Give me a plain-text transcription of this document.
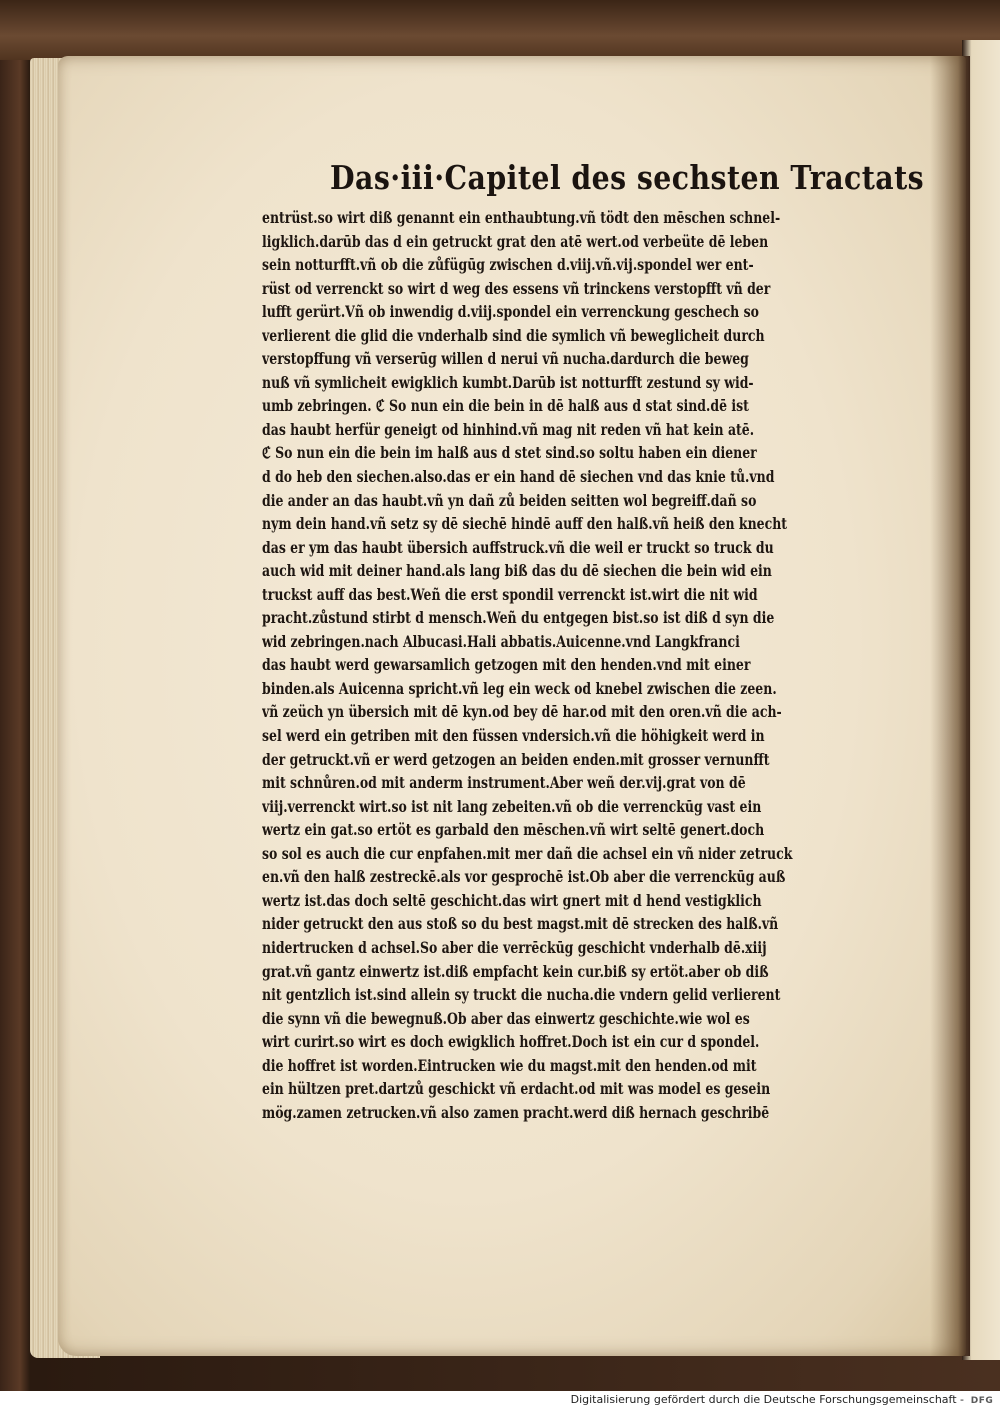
Das·iii·Capitel des sechsten Tractats
entrüst.so wirt diß genannt ein enthaubtung.vñ tödt den mēschen schnel-
ligklich.darūb das d ein getruckt grat den atē wert.od verbeüte dē leben
sein notturfft.vñ ob die zůfügūg zwischen d.viij.vñ.vij.spondel wer ent-
rüst od verrenckt so wirt d weg des essens vñ trinckens verstopfft vñ der
lufft gerürt.Vñ ob inwendig d.viij.spondel ein verrenckung geschech so
verlierent die glid die vnderhalb sind die symlich vñ beweglicheit durch
verstopffung vñ verserūg willen d nerui vñ nucha.dardurch die beweg
nuß vñ symlicheit ewigklich kumbt.Darūb ist notturfft zestund sy wid-
umb zebringen. ℭ So nun ein die bein in dē halß aus d stat sind.dē ist
das haubt herfür geneigt od hinhind.vñ mag nit reden vñ hat kein atē.
ℭ So nun ein die bein im halß aus d stet sind.so soltu haben ein diener
d do heb den siechen.also.das er ein hand dē siechen vnd das knie tů.vnd
die ander an das haubt.vñ yn dañ zů beiden seitten wol begreiff.dañ so
nym dein hand.vñ setz sy dē siechē hindē auff den halß.vñ heiß den knecht
das er ym das haubt übersich auffstruck.vñ die weil er truckt so truck du
auch wid mit deiner hand.als lang biß das du dē siechen die bein wid ein
truckst auff das best.Weñ die erst spondil verrenckt ist.wirt die nit wid
pracht.zůstund stirbt d mensch.Weñ du entgegen bist.so ist diß d syn die
wid zebringen.nach Albucasi.Hali abbatis.Auicenne.vnd Langkfranci
das haubt werd gewarsamlich getzogen mit den henden.vnd mit einer
binden.als Auicenna spricht.vñ leg ein weck od knebel zwischen die zeen.
vñ zeüch yn übersich mit dē kyn.od bey dē har.od mit den oren.vñ die ach-
sel werd ein getriben mit den füssen vndersich.vñ die höhigkeit werd in
der getruckt.vñ er werd getzogen an beiden enden.mit grosser vernunfft
mit schnůren.od mit anderm instrument.Aber weñ der.vij.grat von dē
viij.verrenckt wirt.so ist nit lang zebeiten.vñ ob die verrenckūg vast ein
wertz ein gat.so ertöt es garbald den mēschen.vñ wirt seltē genert.doch
so sol es auch die cur enpfahen.mit mer dañ die achsel ein vñ nider zetruck
en.vñ den halß zestreckē.als vor gesprochē ist.Ob aber die verrenckūg auß
wertz ist.das doch seltē geschicht.das wirt gnert mit d hend vestigklich
nider getruckt den aus stoß so du best magst.mit dē strecken des halß.vñ
nidertrucken d achsel.So aber die verrēckūg geschicht vnderhalb dē.xiij
grat.vñ gantz einwertz ist.diß empfacht kein cur.biß sy ertöt.aber ob diß
nit gentzlich ist.sind allein sy truckt die nucha.die vndern gelid verlierent
die synn vñ die bewegnuß.Ob aber das einwertz geschichte.wie wol es
wirt curirt.so wirt es doch ewigklich hoffret.Doch ist ein cur d spondel.
die hoffret ist worden.Eintrucken wie du magst.mit den henden.od mit
ein hültzen pret.dartzů geschickt vñ erdacht.od mit was model es gesein
mög.zamen zetrucken.vñ also zamen pracht.werd diß hernach geschribē
Digitalisierung gefördert durch die Deutsche Forschungsgemeinschaft - DFG
